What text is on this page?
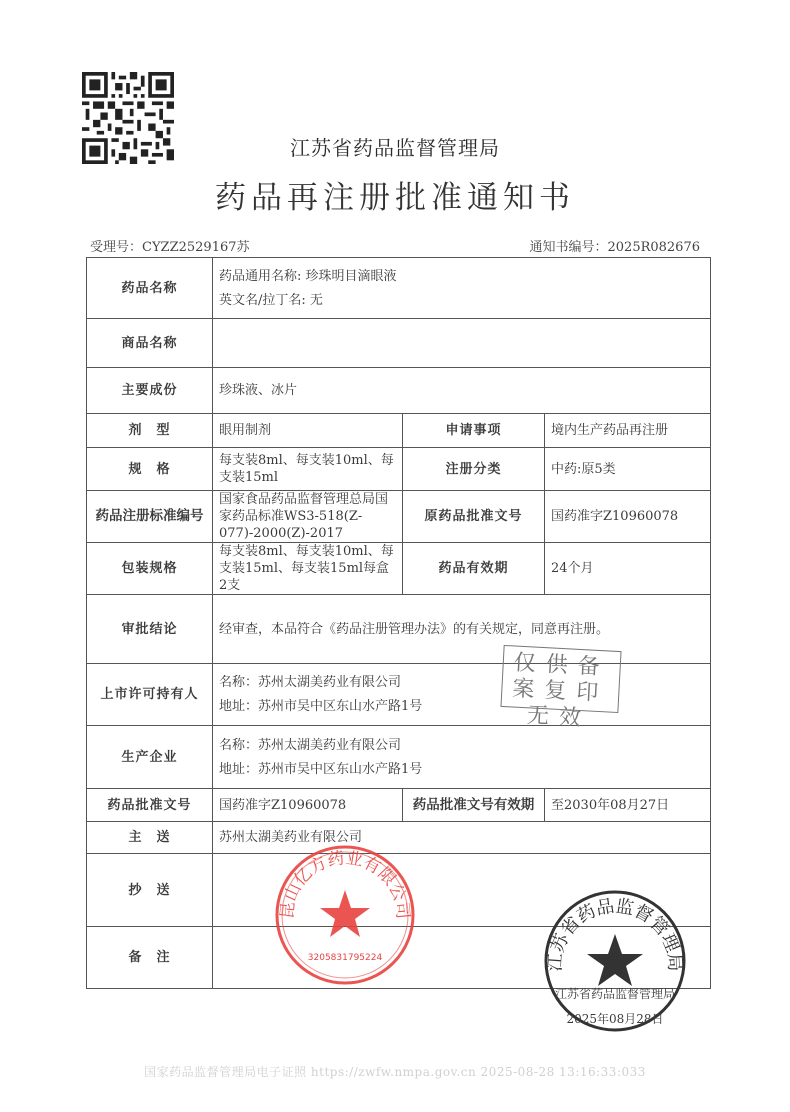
江苏省药品监督管理局
药品再注册批准通知书
受理号：CYZZ2529167苏	通知书编号：2025R082676
药品名称	药品通用名称: 珍珠明目滴眼液
英文名/拉丁名: 无		

商品名称			
主要成份	珍珠液、冰片		
剂　型	眼用制剂	申请事项	境内生产药品再注册
规　格	每支装8ml、每支装10ml、每支装15ml	注册分类	中药:原5类
药品注册标准编号	国家食品药品监督管理总局国家药品标准WS3-518(Z-077)-2000(Z)-2017	原药品批准文号	国药准字Z10960078
包装规格	每支装8ml、每支装10ml、每支装15ml、每支装15ml每盒2支	药品有效期	24个月
审批结论	经审查，本品符合《药品注册管理办法》的有关规定，同意再注册。		
上市许可持有人	名称：苏州太湖美药业有限公司
地址：苏州市吴中区东山水产路1号		

生产企业	名称：苏州太湖美药业有限公司
地址：苏州市吴中区东山水产路1号		

药品批准文号	国药准字Z10960078	药品批准文号有效期	至2030年08月27日
主　送	苏州太湖美药业有限公司		
抄　送			
备　注			
仅供备案复印无效
昆山亿方药业有限公司
3205831795224	江苏省药品监督管理局
江苏省药品监督管理局
2025年08月28日
国家药品监督管理局电子证照 https://zwfw.nmpa.gov.cn 2025-08-28 13:16:33:033
